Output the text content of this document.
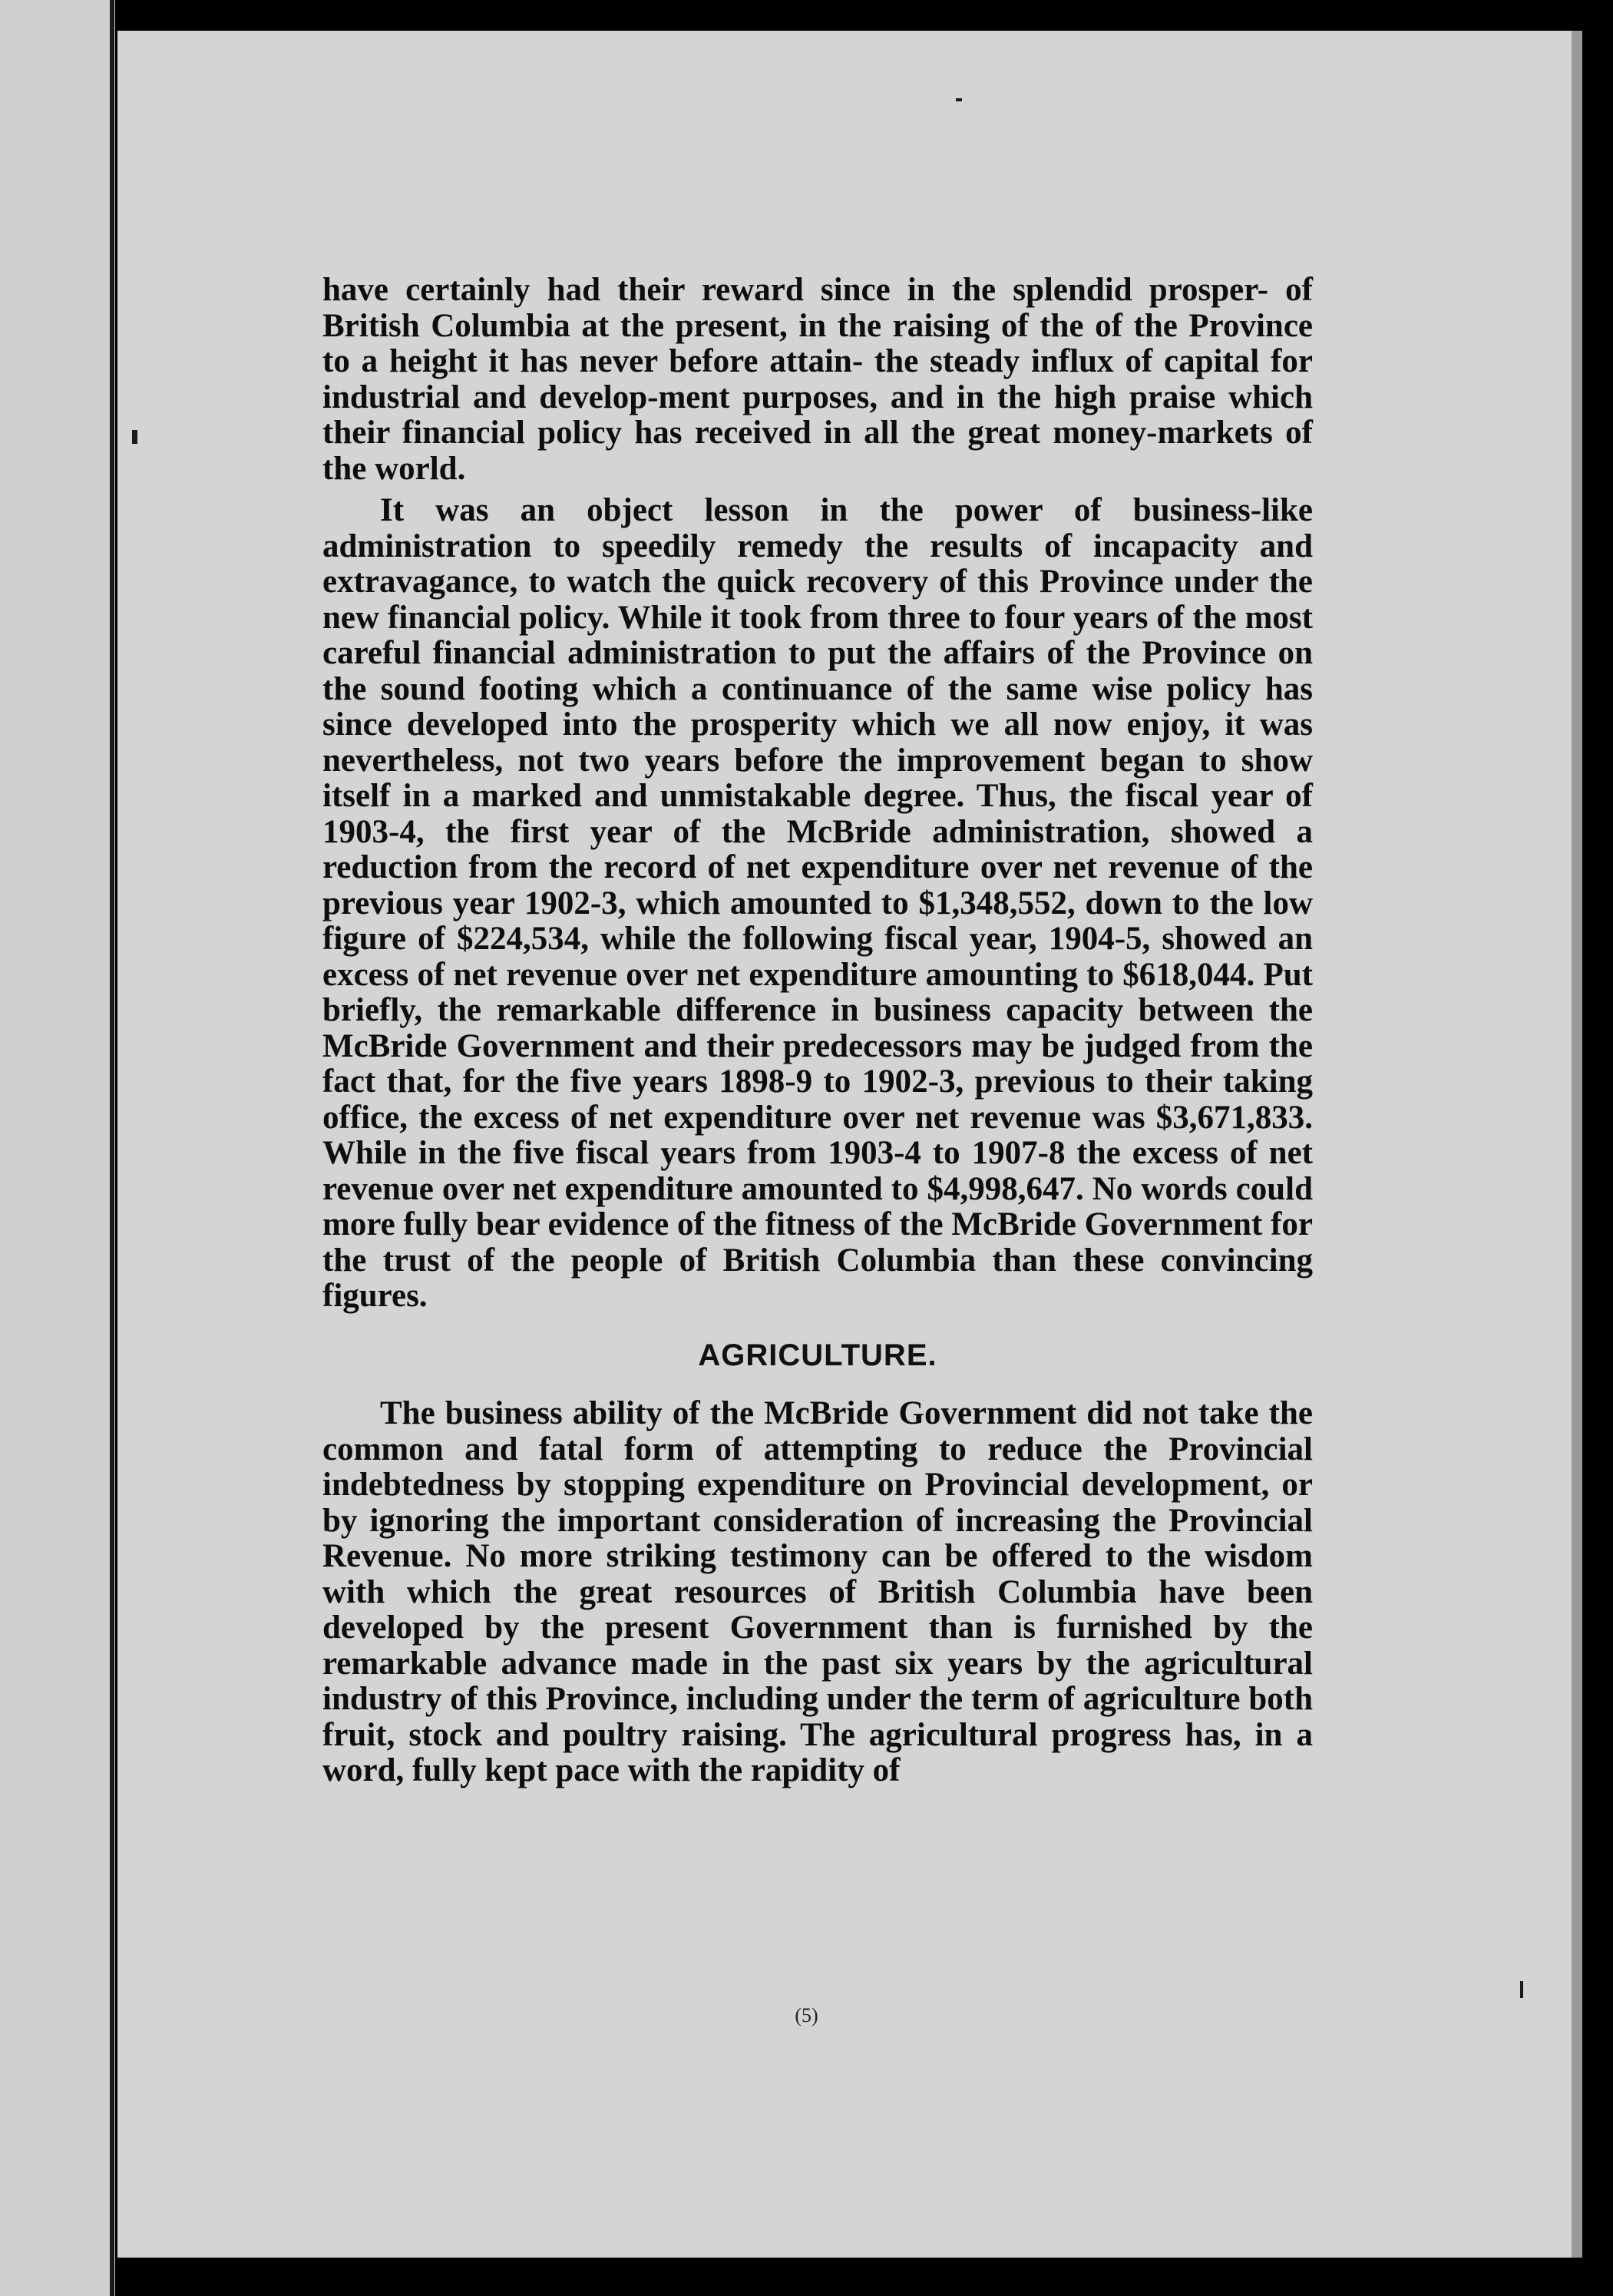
have certainly had their reward since in the splendid prosper- of British Columbia at the present, in the raising of the of the Province to a height it has never before attain- the steady influx of capital for industrial and develop-ment purposes, and in the high praise which their financial policy has received in all the great money-markets of the world.

It was an object lesson in the power of business-like administration to speedily remedy the results of incapacity and extravagance, to watch the quick recovery of this Province under the new financial policy. While it took from three to four years of the most careful financial administration to put the affairs of the Province on the sound footing which a continuance of the same wise policy has since developed into the prosperity which we all now enjoy, it was nevertheless, not two years before the improvement began to show itself in a marked and unmistakable degree. Thus, the fiscal year of 1903-4, the first year of the McBride administration, showed a reduction from the record of net expenditure over net revenue of the previous year 1902-3, which amounted to $1,348,552, down to the low figure of $224,534, while the following fiscal year, 1904-5, showed an excess of net revenue over net expenditure amounting to $618,044. Put briefly, the remarkable difference in business capacity between the McBride Government and their predecessors may be judged from the fact that, for the five years 1898-9 to 1902-3, previous to their taking office, the excess of net expenditure over net revenue was $3,671,833. While in the five fiscal years from 1903-4 to 1907-8 the excess of net revenue over net expenditure amounted to $4,998,647. No words could more fully bear evidence of the fitness of the McBride Government for the trust of the people of British Columbia than these convincing figures.

AGRICULTURE.

The business ability of the McBride Government did not take the common and fatal form of attempting to reduce the Provincial indebtedness by stopping expenditure on Provincial development, or by ignoring the important consideration of increasing the Provincial Revenue. No more striking testimony can be offered to the wisdom with which the great resources of British Columbia have been developed by the present Government than is furnished by the remarkable advance made in the past six years by the agricultural industry of this Province, including under the term of agriculture both fruit, stock and poultry raising. The agricultural progress has, in a word, fully kept pace with the rapidity of

(5)
